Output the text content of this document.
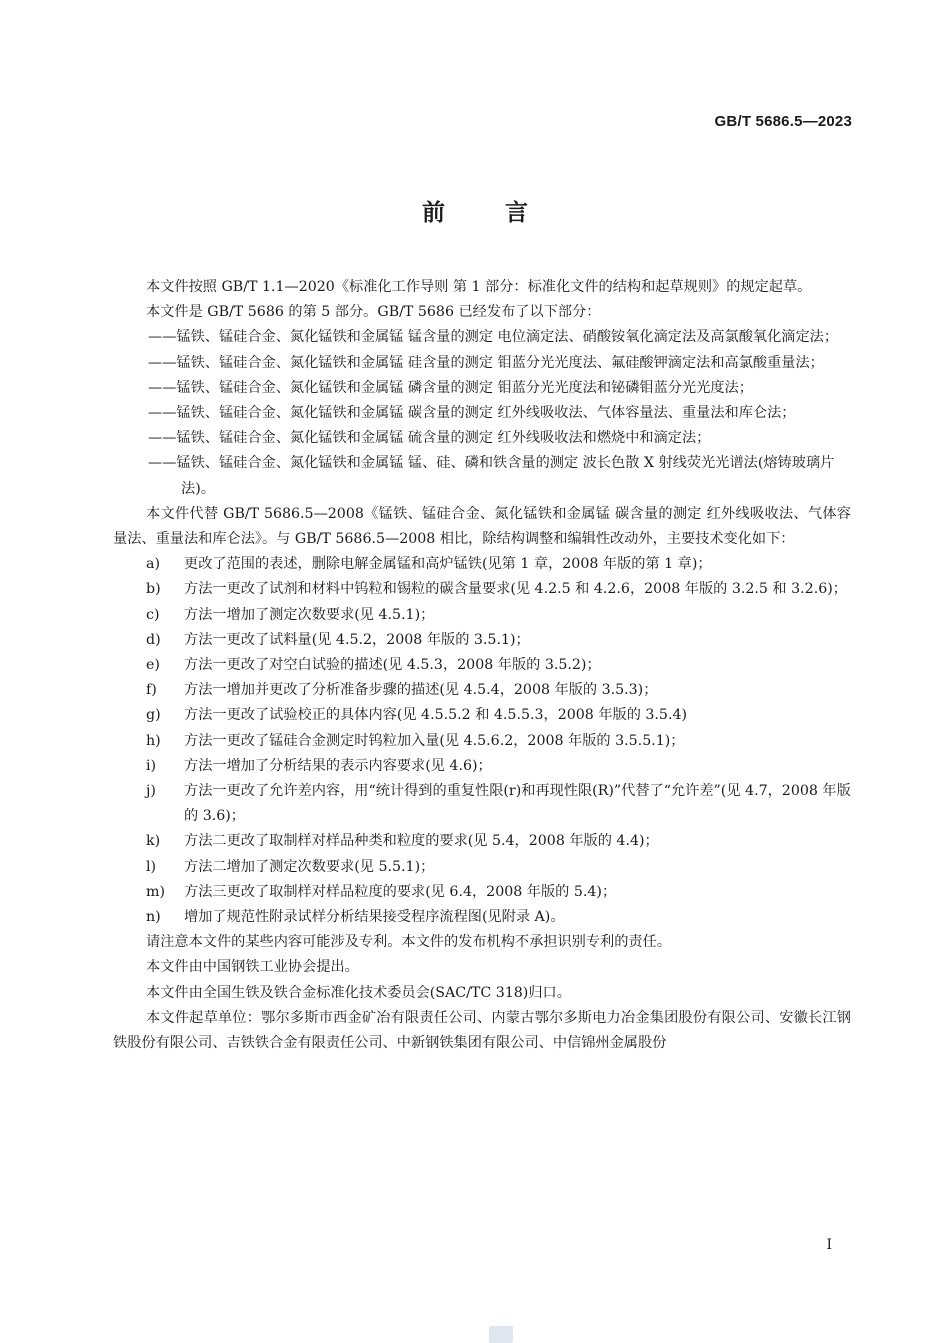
GB/T 5686.5—2023
前 言

本文件按照 GB/T 1.1—2020《标准化工作导则 第 1 部分：标准化文件的结构和起草规则》的规定起草。

本文件是 GB/T 5686 的第 5 部分。GB/T 5686 已经发布了以下部分：

——锰铁、锰硅合金、氮化锰铁和金属锰 锰含量的测定 电位滴定法、硝酸铵氧化滴定法及高氯酸氧化滴定法；

——锰铁、锰硅合金、氮化锰铁和金属锰 硅含量的测定 钼蓝分光光度法、氟硅酸钾滴定法和高氯酸重量法；

——锰铁、锰硅合金、氮化锰铁和金属锰 磷含量的测定 钼蓝分光光度法和铋磷钼蓝分光光度法；

——锰铁、锰硅合金、氮化锰铁和金属锰 碳含量的测定 红外线吸收法、气体容量法、重量法和库仑法；

——锰铁、锰硅合金、氮化锰铁和金属锰 硫含量的测定 红外线吸收法和燃烧中和滴定法；

——锰铁、锰硅合金、氮化锰铁和金属锰 锰、硅、磷和铁含量的测定 波长色散 X 射线荧光光谱法(熔铸玻璃片法)。

本文件代替 GB/T 5686.5—2008《锰铁、锰硅合金、氮化锰铁和金属锰 碳含量的测定 红外线吸收法、气体容量法、重量法和库仑法》。与 GB/T 5686.5—2008 相比，除结构调整和编辑性改动外，主要技术变化如下：

a)	更改了范围的表述，删除电解金属锰和高炉锰铁(见第 1 章，2008 年版的第 1 章)；
b)	方法一更改了试剂和材料中钨粒和锡粒的碳含量要求(见 4.2.5 和 4.2.6，2008 年版的 3.2.5 和 3.2.6)；
c)	方法一增加了测定次数要求(见 4.5.1)；
d)	方法一更改了试料量(见 4.5.2，2008 年版的 3.5.1)；
e)	方法一更改了对空白试验的描述(见 4.5.3，2008 年版的 3.5.2)；
f)	方法一增加并更改了分析准备步骤的描述(见 4.5.4，2008 年版的 3.5.3)；
g)	方法一更改了试验校正的具体内容(见 4.5.5.2 和 4.5.5.3，2008 年版的 3.5.4)
h)	方法一更改了锰硅合金测定时钨粒加入量(见 4.5.6.2，2008 年版的 3.5.5.1)；
i)	方法一增加了分析结果的表示内容要求(见 4.6)；
j)	方法一更改了允许差内容，用“统计得到的重复性限(r)和再现性限(R)”代替了“允许差”(见 4.7，2008 年版的 3.6)；
k)	方法二更改了取制样对样品种类和粒度的要求(见 5.4，2008 年版的 4.4)；
l)	方法二增加了测定次数要求(见 5.5.1)；
m)	方法三更改了取制样对样品粒度的要求(见 6.4，2008 年版的 5.4)；
n)	增加了规范性附录试样分析结果接受程序流程图(见附录 A)。

请注意本文件的某些内容可能涉及专利。本文件的发布机构不承担识别专利的责任。

本文件由中国钢铁工业协会提出。

本文件由全国生铁及铁合金标准化技术委员会(SAC/TC 318)归口。

本文件起草单位：鄂尔多斯市西金矿冶有限责任公司、内蒙古鄂尔多斯电力冶金集团股份有限公司、安徽长江钢铁股份有限公司、吉铁铁合金有限责任公司、中新钢铁集团有限公司、中信锦州金属股份

I
